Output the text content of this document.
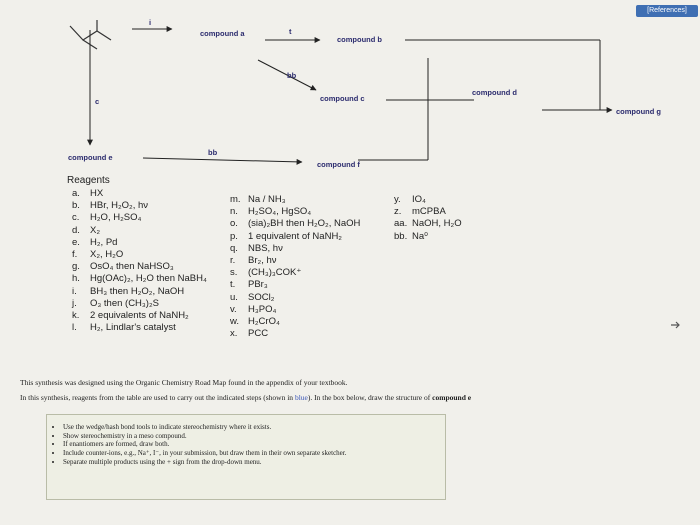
[References]
compound a
compound b
compound c
compound d
compound e
compound f
compound g
i
t
bb
c
bb
Reagents
a. HX
b. HBr, H₂O₂, hν
c. H₂O, H₂SO₄
d. X₂
e. H₂, Pd
f. X₂, H₂O
g. OsO₄ then NaHSO₃
h. Hg(OAc)₂, H₂O then NaBH₄
i. BH₃ then H₂O₂, NaOH
j. O₃ then (CH₃)₂S
k. 2 equivalents of NaNH₂
l. H₂, Lindlar's catalyst
m. Na / NH₃
n. H₂SO₄, HgSO₄
o. (sia)₂BH then H₂O₂, NaOH
p. 1 equivalent of NaNH₂
q. NBS, hν
r. Br₂, hν
s. (CH₃)₃COK⁺
t. PBr₃
u. SOCl₂
v. H₃PO₄
w. H₂CrO₄
x. PCC
y. IO₄
z. mCPBA
aa. NaOH, H₂O
bb. Na⁰
This synthesis was designed using the Organic Chemistry Road Map found in the appendix of your textbook.
In this synthesis, reagents from the table are used to carry out the indicated steps (shown in blue). In the box below, draw the structure of compound e
• Use the wedge/hash bond tools to indicate stereochemistry where it exists.
• Show stereochemistry in a meso compound.
• If enantiomers are formed, draw both.
• Include counter-ions, e.g., Na⁺, I⁻, in your submission, but draw them in their own separate sketcher.
• Separate multiple products using the + sign from the drop-down menu.
